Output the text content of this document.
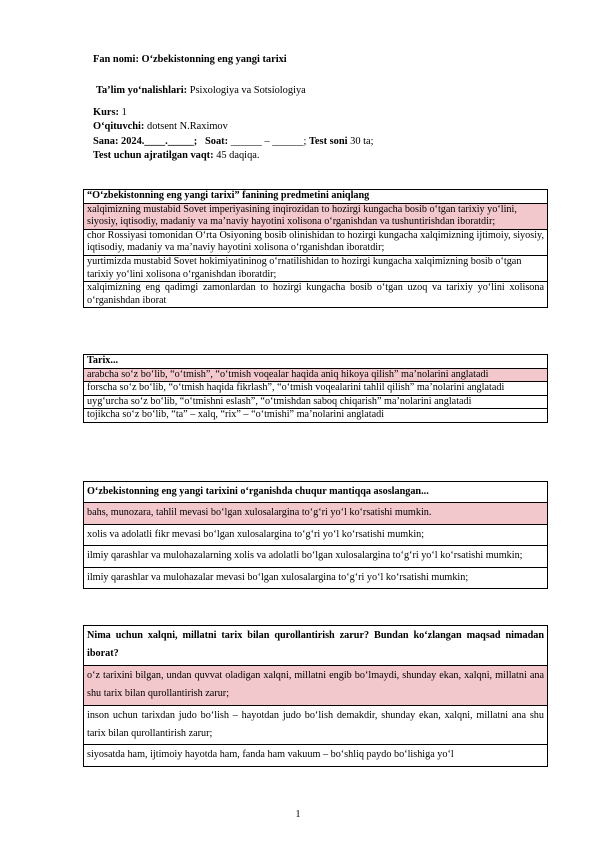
Fan nomi: O‘zbekistonning eng yangi tarixi
Ta’lim yo‘nalishlari: Psixologiya va Sotsiologiya
Kurs: 1
O‘qituvchi: dotsent N.Raximov
Sana: 2024.____._____; Soat: ______ – ______; Test soni 30 ta;
Test uchun ajratilgan vaqt: 45 daqiqa.
“O‘zbekistonning eng yangi tarixi” fanining predmetini aniqlang
xalqimizning mustabid Sovet imperiyasining inqirozidan to hozirgi kungacha bosib o‘tgan tarixiy yo‘lini, siyosiy, iqtisodiy, madaniy va ma’naviy hayotini xolisona o‘rganishdan va tushuntirishdan iboratdir;
chor Rossiyasi tomonidan O‘rta Osiyoning bosib olinishidan to hozirgi kungacha xalqimizning ijtimoiy, siyosiy, iqtisodiy, madaniy va ma’naviy hayotini xolisona o‘rganishdan iboratdir;
yurtimizda mustabid Sovet hokimiyatininog o‘rnatilishidan to hozirgi kungacha xalqimizning bosib o‘tgan tarixiy yo‘lini xolisona o‘rganishdan iboratdir;
xalqimizning eng qadimgi zamonlardan to hozirgi kungacha bosib o‘tgan uzoq va tarixiy yo‘lini xolisona o‘rganishdan iborat
Tarix...
arabcha so‘z bo‘lib, “o‘tmish”, “o‘tmish voqealar haqida aniq hikoya qilish” ma’nolarini anglatadi
forscha so‘z bo‘lib, “o‘tmish haqida fikrlash”, “o‘tmish voqealarini tahlil qilish” ma’nolarini anglatadi
uyg‘urcha so‘z bo‘lib, “o‘tmishni eslash”, “o‘tmishdan saboq chiqarish” ma’nolarini anglatadi
tojikcha so‘z bo‘lib, “ta” – xalq, “rix” – “o‘tmishi” ma’nolarini anglatadi
O‘zbekistonning eng yangi tarixini o‘rganishda chuqur mantiqqa asoslangan...
bahs, munozara, tahlil mevasi bo‘lgan xulosalargina to‘g‘ri yo‘l ko‘rsatishi mumkin.
xolis va adolatli fikr mevasi bo‘lgan xulosalargina to‘g‘ri yo‘l ko‘rsatishi mumkin;
ilmiy qarashlar va mulohazalarning xolis va adolatli bo‘lgan xulosalargina to‘g‘ri yo‘l ko‘rsatishi mumkin;
ilmiy qarashlar va mulohazalar mevasi bo‘lgan xulosalargina to‘g‘ri yo‘l ko‘rsatishi mumkin;
Nima uchun xalqni, millatni tarix bilan qurollantirish zarur? Bundan ko‘zlangan maqsad nimadan iborat?
o‘z tarixini bilgan, undan quvvat oladigan xalqni, millatni engib bo‘lmaydi, shunday ekan, xalqni, millatni ana shu tarix bilan qurollantirish zarur;
inson uchun tarixdan judo bo‘lish – hayotdan judo bo‘lish demakdir, shunday ekan, xalqni, millatni ana shu tarix bilan qurollantirish zarur;
siyosatda ham, ijtimoiy hayotda ham, fanda ham vakuum – bo‘shliq paydo bo‘lishiga yo‘l
1
